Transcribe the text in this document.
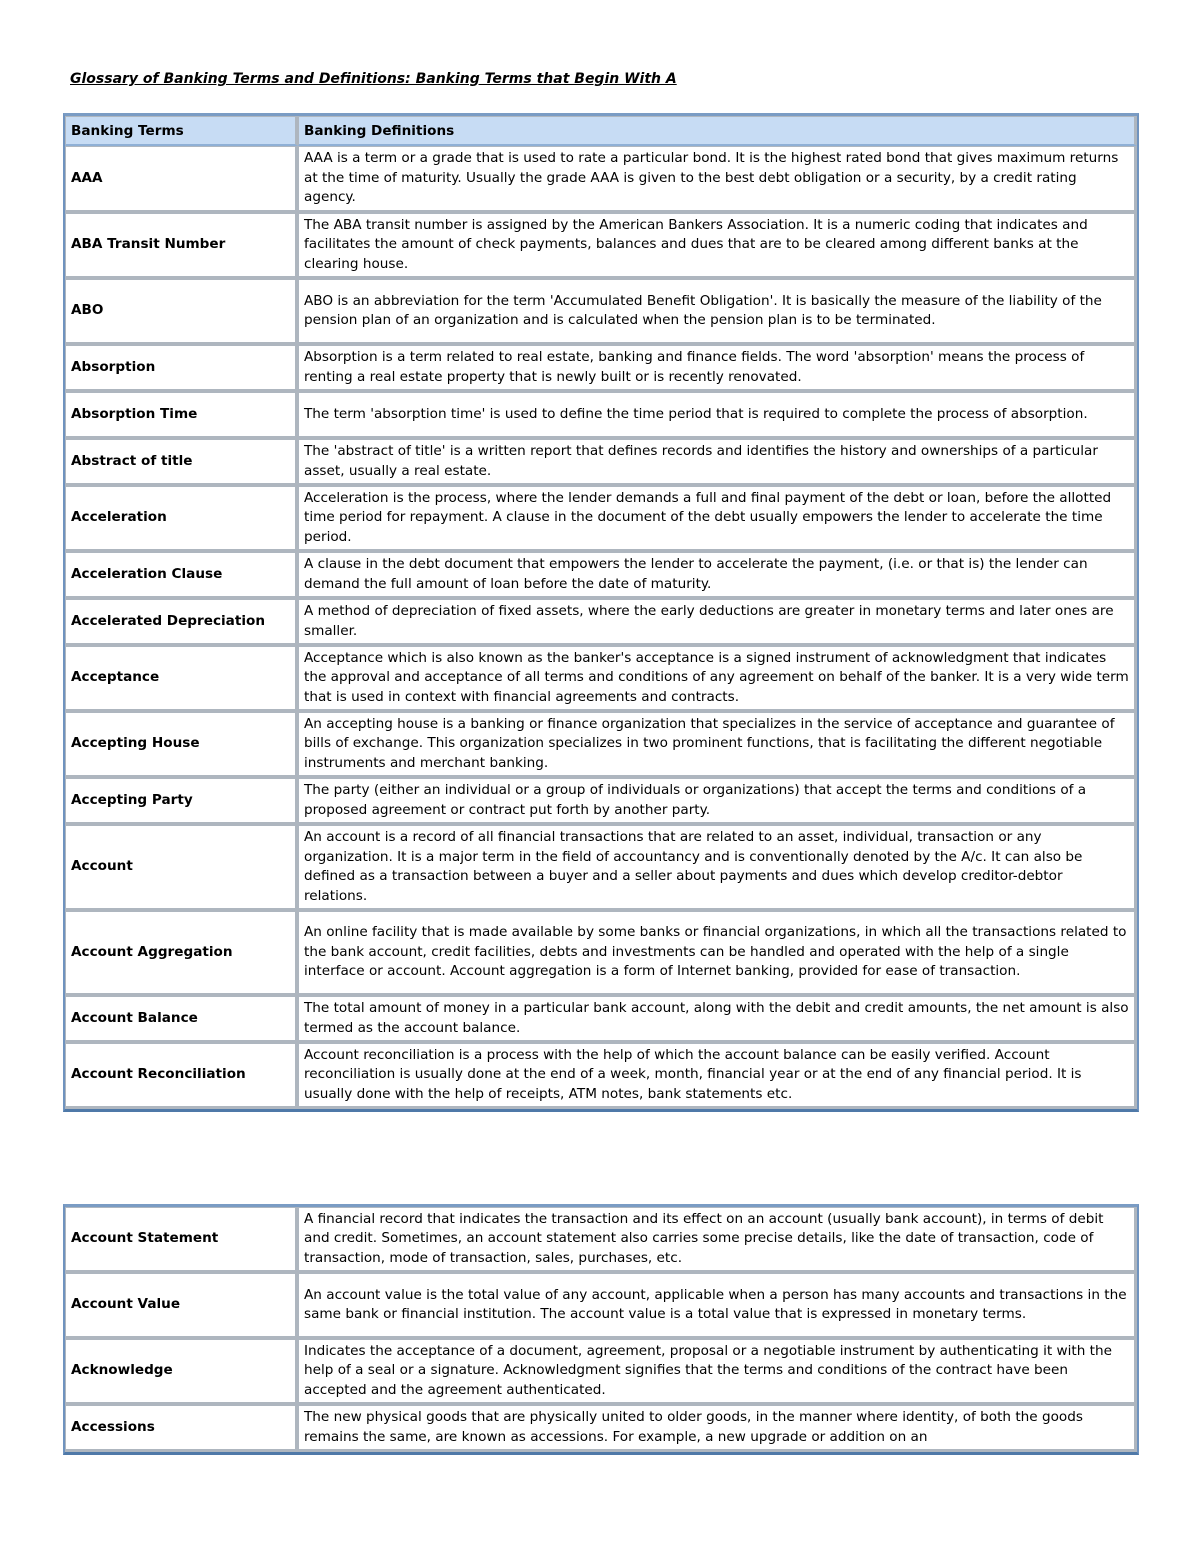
Glossary of Banking Terms and Definitions: Banking Terms that Begin With A
Banking Terms	Banking Definitions
AAA	AAA is a term or a grade that is used to rate a particular bond. It is the highest rated bond that gives maximum returns at the time of maturity. Usually the grade AAA is given to the best debt obligation or a security, by a credit rating agency.
ABA Transit Number	The ABA transit number is assigned by the American Bankers Association. It is a numeric coding that indicates and facilitates the amount of check payments, balances and dues that are to be cleared among different banks at the clearing house.
ABO	ABO is an abbreviation for the term 'Accumulated Benefit Obligation'. It is basically the measure of the liability of the pension plan of an organization and is calculated when the pension plan is to be terminated.
Absorption	Absorption is a term related to real estate, banking and finance fields. The word 'absorption' means the process of renting a real estate property that is newly built or is recently renovated.
Absorption Time	The term 'absorption time' is used to define the time period that is required to complete the process of absorption.
Abstract of title	The 'abstract of title' is a written report that defines records and identifies the history and ownerships of a particular asset, usually a real estate.
Acceleration	Acceleration is the process, where the lender demands a full and final payment of the debt or loan, before the allotted time period for repayment. A clause in the document of the debt usually empowers the lender to accelerate the time period.
Acceleration Clause	A clause in the debt document that empowers the lender to accelerate the payment, (i.e. or that is) the lender can demand the full amount of loan before the date of maturity.
Accelerated Depreciation	A method of depreciation of fixed assets, where the early deductions are greater in monetary terms and later ones are smaller.
Acceptance	Acceptance which is also known as the banker's acceptance is a signed instrument of acknowledgment that indicates the approval and acceptance of all terms and conditions of any agreement on behalf of the banker. It is a very wide term that is used in context with financial agreements and contracts.
Accepting House	An accepting house is a banking or finance organization that specializes in the service of acceptance and guarantee of bills of exchange. This organization specializes in two prominent functions, that is facilitating the different negotiable instruments and merchant banking.
Accepting Party	The party (either an individual or a group of individuals or organizations) that accept the terms and conditions of a proposed agreement or contract put forth by another party.
Account	An account is a record of all financial transactions that are related to an asset, individual, transaction or any organization. It is a major term in the field of accountancy and is conventionally denoted by the A/c. It can also be defined as a transaction between a buyer and a seller about payments and dues which develop creditor-debtor relations.
Account Aggregation	An online facility that is made available by some banks or financial organizations, in which all the transactions related to the bank account, credit facilities, debts and investments can be handled and operated with the help of a single interface or account. Account aggregation is a form of Internet banking, provided for ease of transaction.
Account Balance	The total amount of money in a particular bank account, along with the debit and credit amounts, the net amount is also termed as the account balance.
Account Reconciliation	Account reconciliation is a process with the help of which the account balance can be easily verified. Account reconciliation is usually done at the end of a week, month, financial year or at the end of any financial period. It is usually done with the help of receipts, ATM notes, bank statements etc.
Account Statement	A financial record that indicates the transaction and its effect on an account (usually bank account), in terms of debit and credit. Sometimes, an account statement also carries some precise details, like the date of transaction, code of transaction, mode of transaction, sales, purchases, etc.
Account Value	An account value is the total value of any account, applicable when a person has many accounts and transactions in the same bank or financial institution. The account value is a total value that is expressed in monetary terms.
Acknowledge	Indicates the acceptance of a document, agreement, proposal or a negotiable instrument by authenticating it with the help of a seal or a signature. Acknowledgment signifies that the terms and conditions of the contract have been accepted and the agreement authenticated.
Accessions	The new physical goods that are physically united to older goods, in the manner where identity, of both the goods remains the same, are known as accessions. For example, a new upgrade or addition on an
